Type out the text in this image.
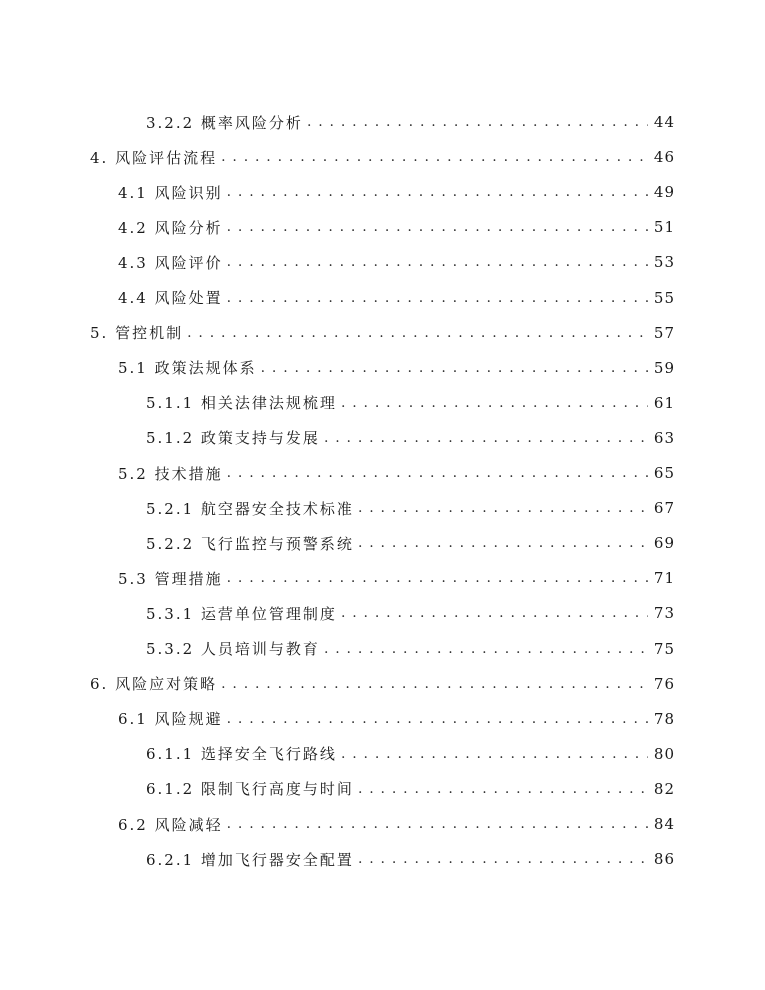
3.2.2 概率风险分析 . . .	44
4. 风险评估流程 . . .	46
4.1 风险识别 . . .	49
4.2 风险分析 . . .	51
4.3 风险评价 . . .	53
4.4 风险处置 . . .	55
5. 管控机制 . . .	57
5.1 政策法规体系 . . .	59
5.1.1 相关法律法规梳理 . . .	61
5.1.2 政策支持与发展 . . .	63
5.2 技术措施 . . .	65
5.2.1 航空器安全技术标准 . . .	67
5.2.2 飞行监控与预警系统 . . .	69
5.3 管理措施 . . .	71
5.3.1 运营单位管理制度 . . .	73
5.3.2 人员培训与教育 . . .	75
6. 风险应对策略 . . .	76
6.1 风险规避 . . .	78
6.1.1 选择安全飞行路线 . . .	80
6.1.2 限制飞行高度与时间 . . .	82
6.2 风险减轻 . . .	84
6.2.1 增加飞行器安全配置 . . .	86
